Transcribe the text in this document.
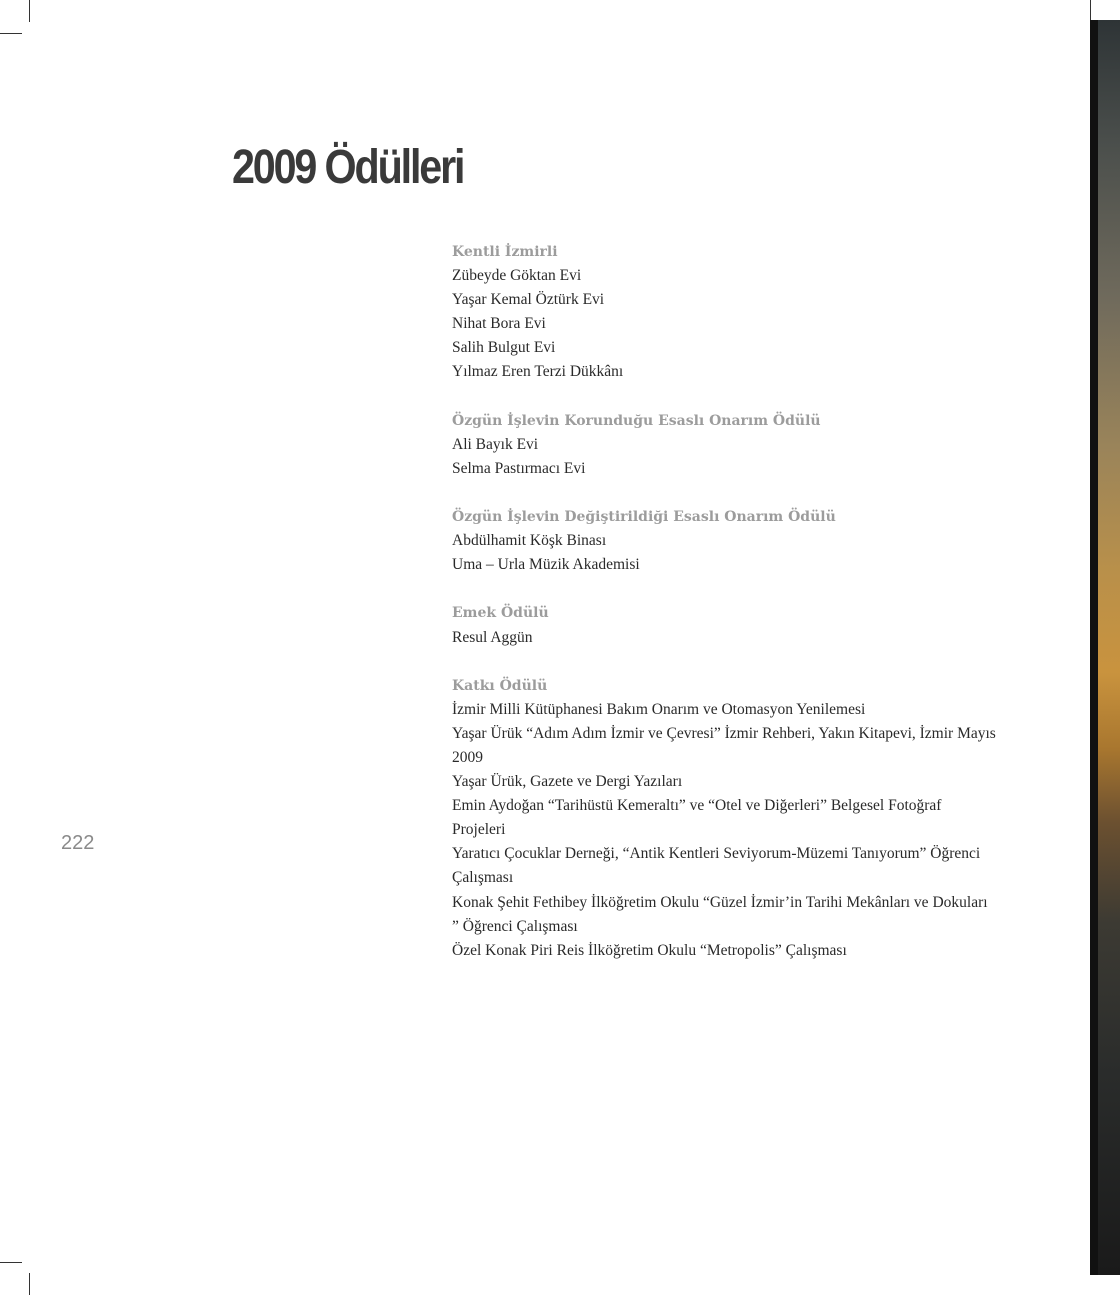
2009 Ödülleri
Kentli İzmirli
Zübeyde Göktan Evi
Yaşar Kemal Öztürk Evi
Nihat Bora Evi
Salih Bulgut Evi
Yılmaz Eren Terzi Dükkânı
Özgün İşlevin Korunduğu Esaslı Onarım Ödülü
Ali Bayık Evi
Selma Pastırmacı Evi
Özgün İşlevin Değiştirildiği Esaslı Onarım Ödülü
Abdülhamit Köşk Binası
Uma – Urla Müzik Akademisi
Emek Ödülü
Resul Aggün
Katkı Ödülü
İzmir Milli Kütüphanesi Bakım Onarım ve Otomasyon Yenilemesi
Yaşar Ürük “Adım Adım İzmir ve Çevresi” İzmir Rehberi, Yakın Kitapevi, İzmir Mayıs 2009
Yaşar Ürük, Gazete ve Dergi Yazıları
Emin Aydoğan “Tarihüstü Kemeraltı” ve “Otel ve Diğerleri” Belgesel Fotoğraf Projeleri
Yaratıcı Çocuklar Derneği, “Antik Kentleri Seviyorum-Müzemi Tanıyorum” Öğrenci Çalışması
Konak Şehit Fethibey İlköğretim Okulu “Güzel İzmir’in Tarihi Mekânları ve Dokuları ” Öğrenci Çalışması
Özel Konak Piri Reis İlköğretim Okulu “Metropolis” Çalışması
222
